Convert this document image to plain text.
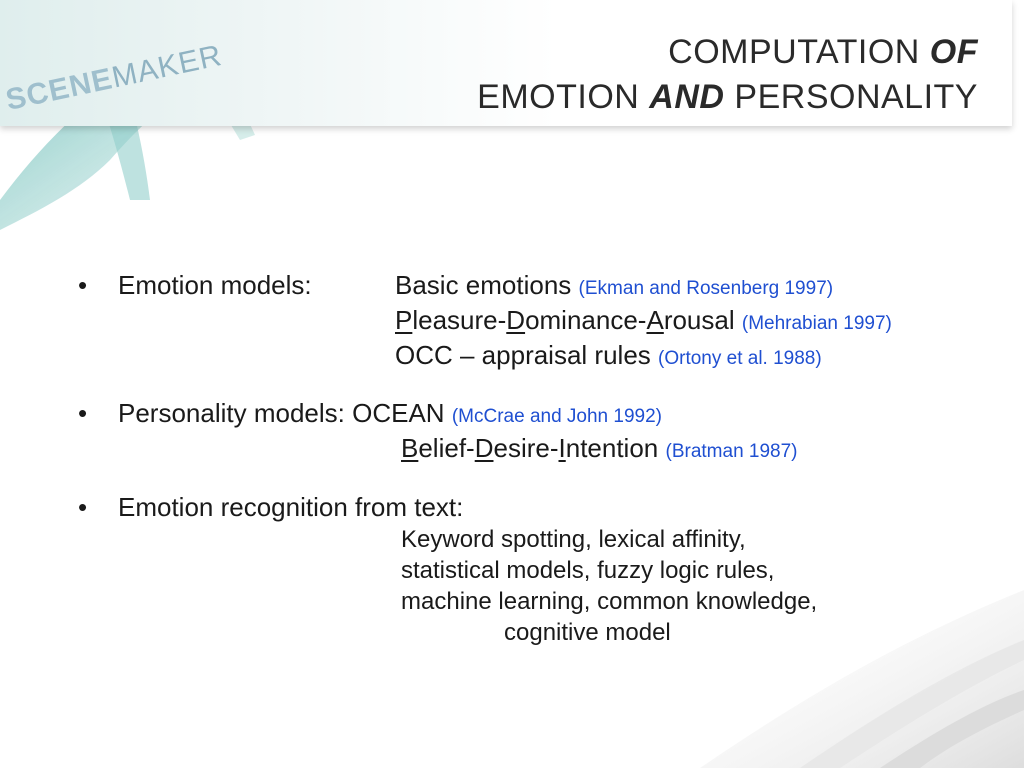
SCENEMAKER	COMPUTATION OF
EMOTION AND PERSONALITY
• Emotion models:	Basic emotions (Ekman and Rosenberg 1997)
Pleasure-Dominance-Arousal (Mehrabian 1997)
OCC – appraisal rules (Ortony et al. 1988)
• Personality models: OCEAN (McCrae and John 1992)
Belief-Desire-Intention (Bratman 1987)
• Emotion recognition from text:
Keyword spotting, lexical affinity,
statistical models, fuzzy logic rules,
machine learning, common knowledge,
cognitive model
